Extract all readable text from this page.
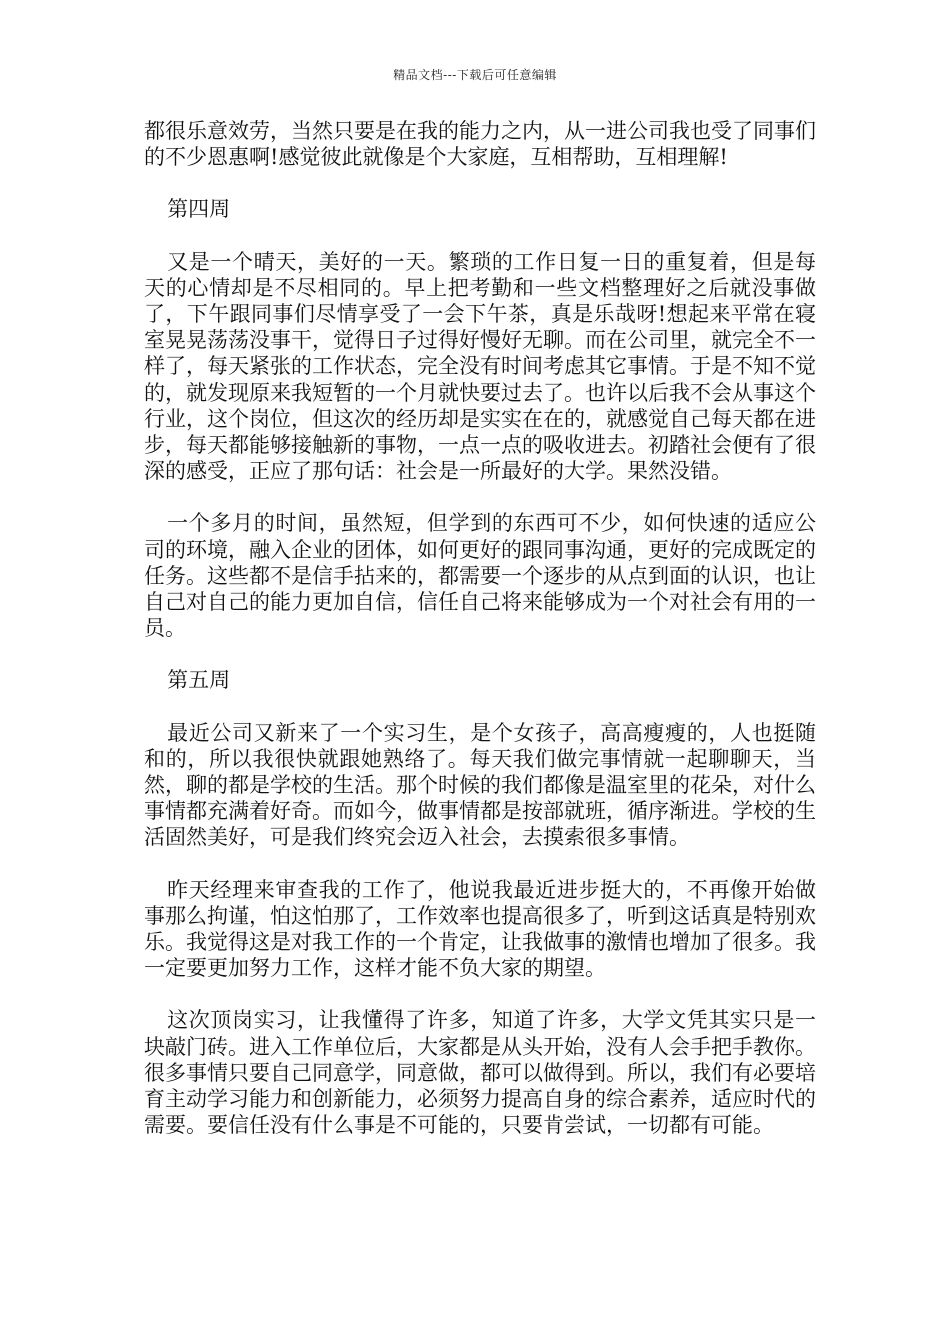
精品文档---下载后可任意编辑

都很乐意效劳，当然只要是在我的能力之内，从一进公司我也受了同事们的不少恩惠啊!感觉彼此就像是个大家庭，互相帮助，互相理解!

第四周

又是一个晴天，美好的一天。繁琐的工作日复一日的重复着，但是每天的心情却是不尽相同的。早上把考勤和一些文档整理好之后就没事做了，下午跟同事们尽情享受了一会下午茶，真是乐哉呀!想起来平常在寝室晃晃荡荡没事干，觉得日子过得好慢好无聊。而在公司里，就完全不一样了，每天紧张的工作状态，完全没有时间考虑其它事情。于是不知不觉的，就发现原来我短暂的一个月就快要过去了。也许以后我不会从事这个行业，这个岗位，但这次的经历却是实实在在的，就感觉自己每天都在进步，每天都能够接触新的事物，一点一点的吸收进去。初踏社会便有了很深的感受，正应了那句话：社会是一所最好的大学。果然没错。

一个多月的时间，虽然短，但学到的东西可不少，如何快速的适应公司的环境，融入企业的团体，如何更好的跟同事沟通，更好的完成既定的任务。这些都不是信手拈来的，都需要一个逐步的从点到面的认识，也让自己对自己的能力更加自信，信任自己将来能够成为一个对社会有用的一员。

第五周

最近公司又新来了一个实习生，是个女孩子，高高瘦瘦的，人也挺随和的，所以我很快就跟她熟络了。每天我们做完事情就一起聊聊天，当然，聊的都是学校的生活。那个时候的我们都像是温室里的花朵，对什么事情都充满着好奇。而如今，做事情都是按部就班，循序渐进。学校的生活固然美好，可是我们终究会迈入社会，去摸索很多事情。

昨天经理来审查我的工作了，他说我最近进步挺大的，不再像开始做事那么拘谨，怕这怕那了，工作效率也提高很多了，听到这话真是特别欢乐。我觉得这是对我工作的一个肯定，让我做事的激情也增加了很多。我一定要更加努力工作，这样才能不负大家的期望。

这次顶岗实习，让我懂得了许多，知道了许多，大学文凭其实只是一块敲门砖。进入工作单位后，大家都是从头开始，没有人会手把手教你。很多事情只要自己同意学，同意做，都可以做得到。所以，我们有必要培育主动学习能力和创新能力，必须努力提高自身的综合素养，适应时代的需要。要信任没有什么事是不可能的，只要肯尝试，一切都有可能。
